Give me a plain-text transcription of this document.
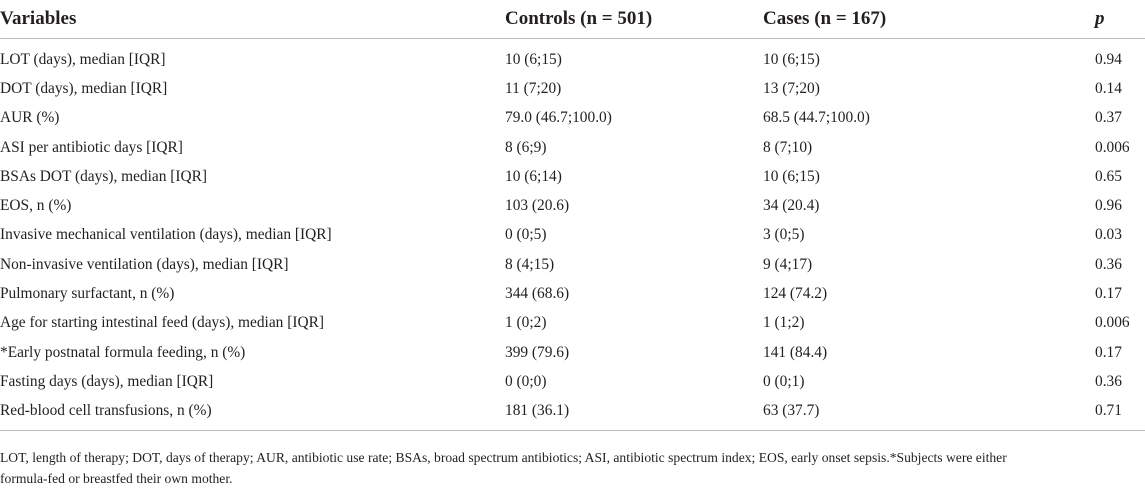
Variables	Controls (n = 501)	Cases (n = 167)	p
LOT (days), median [IQR]	10 (6;15)	10 (6;15)	0.94
DOT (days), median [IQR]	11 (7;20)	13 (7;20)	0.14
AUR (%)	79.0 (46.7;100.0)	68.5 (44.7;100.0)	0.37
ASI per antibiotic days [IQR]	8 (6;9)	8 (7;10)	0.006
BSAs DOT (days), median [IQR]	10 (6;14)	10 (6;15)	0.65
EOS, n (%)	103 (20.6)	34 (20.4)	0.96
Invasive mechanical ventilation (days), median [IQR]	0 (0;5)	3 (0;5)	0.03
Non-invasive ventilation (days), median [IQR]	8 (4;15)	9 (4;17)	0.36
Pulmonary surfactant, n (%)	344 (68.6)	124 (74.2)	0.17
Age for starting intestinal feed (days), median [IQR]	1 (0;2)	1 (1;2)	0.006
*Early postnatal formula feeding, n (%)	399 (79.6)	141 (84.4)	0.17
Fasting days (days), median [IQR]	0 (0;0)	0 (0;1)	0.36
Red-blood cell transfusions, n (%)	181 (36.1)	63 (37.7)	0.71
LOT, length of therapy; DOT, days of therapy; AUR, antibiotic use rate; BSAs, broad spectrum antibiotics; ASI, antibiotic spectrum index; EOS, early onset sepsis.*Subjects were either
formula-fed or breastfed their own mother.
